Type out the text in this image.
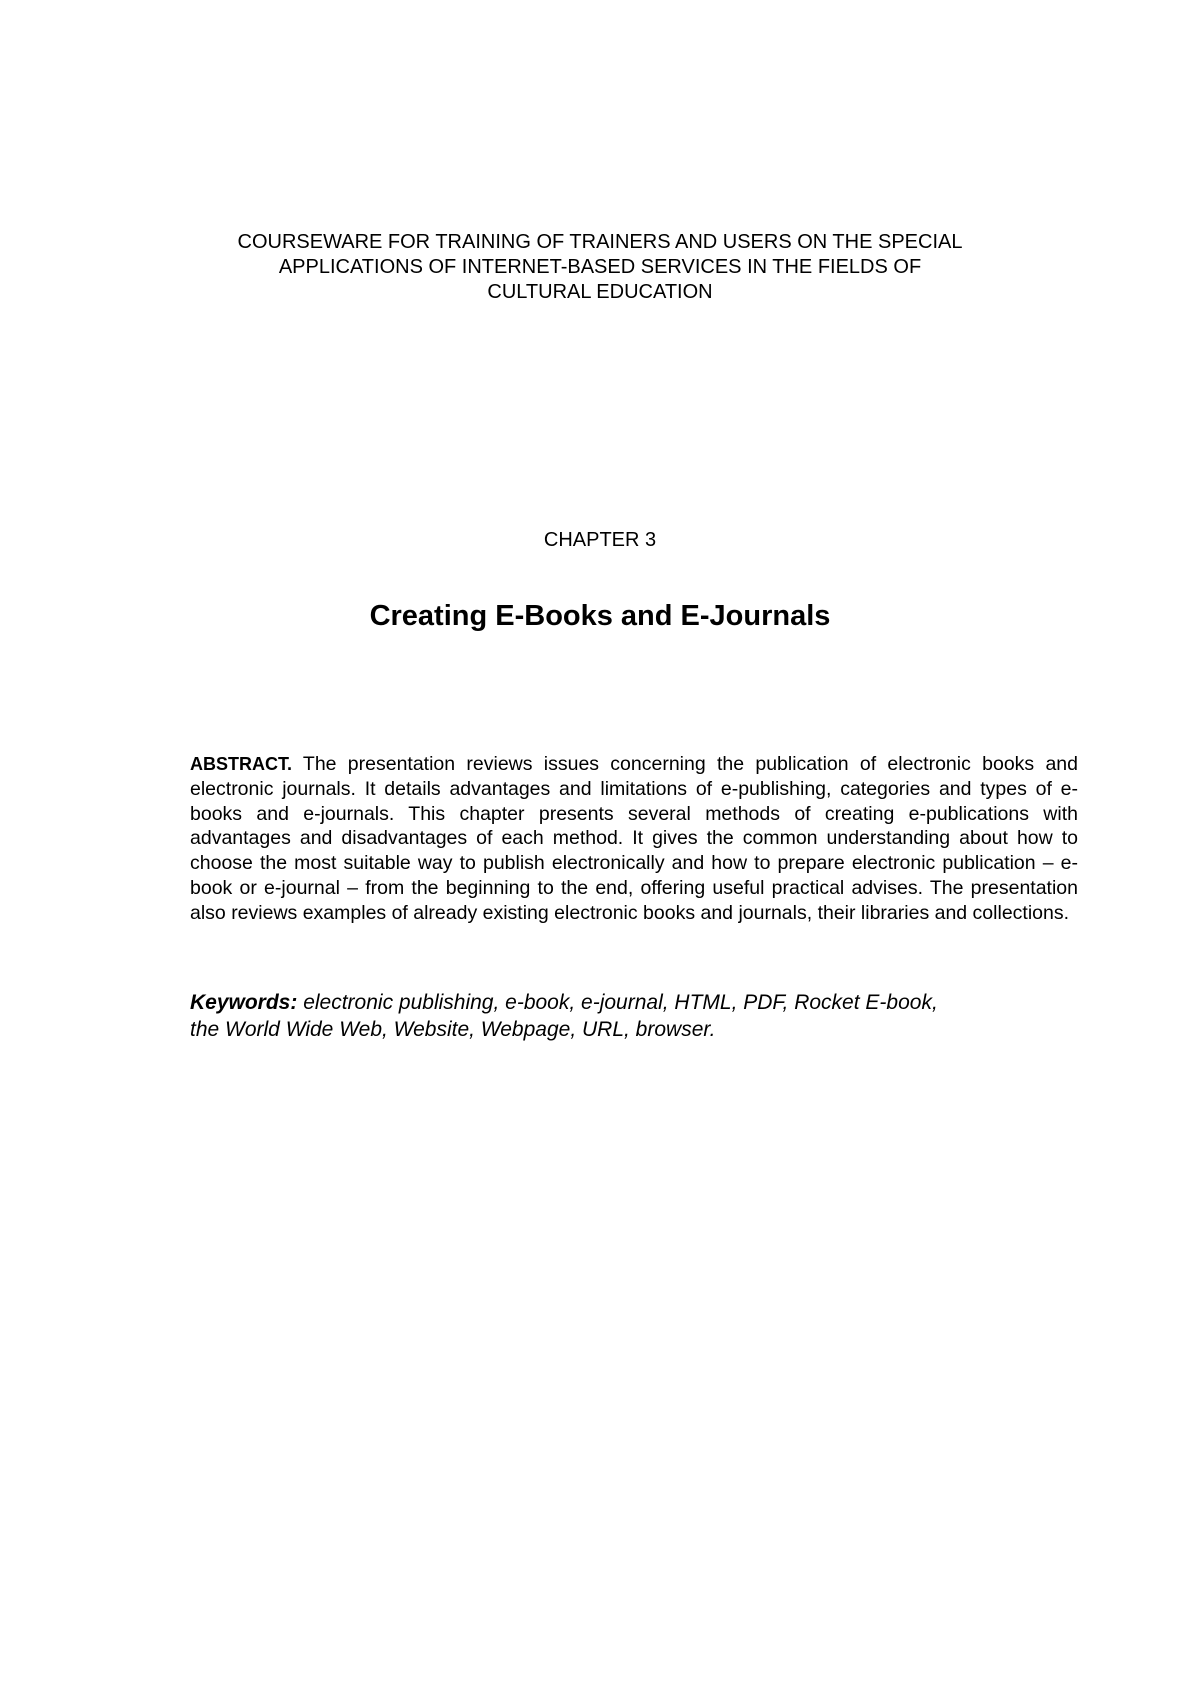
COURSEWARE FOR TRAINING OF TRAINERS AND USERS ON THE SPECIAL
APPLICATIONS OF INTERNET-BASED SERVICES IN THE FIELDS OF
CULTURAL EDUCATION
CHAPTER 3
Creating E-Books and E-Journals
ABSTRACT. The presentation reviews issues concerning the publication of electronic books and electronic journals. It details advantages and limitations of e-publishing, categories and types of e-books and e-journals. This chapter presents several methods of creating e-publications with advantages and disadvantages of each method. It gives the common understanding about how to choose the most suitable way to publish electronically and how to prepare electronic publication – e-book or e-journal – from the beginning to the end, offering useful practical advises. The presentation also reviews examples of already existing electronic books and journals, their libraries and collections.
Keywords: electronic publishing, e-book, e-journal, HTML, PDF, Rocket E-book,
the World Wide Web, Website, Webpage, URL, browser.
